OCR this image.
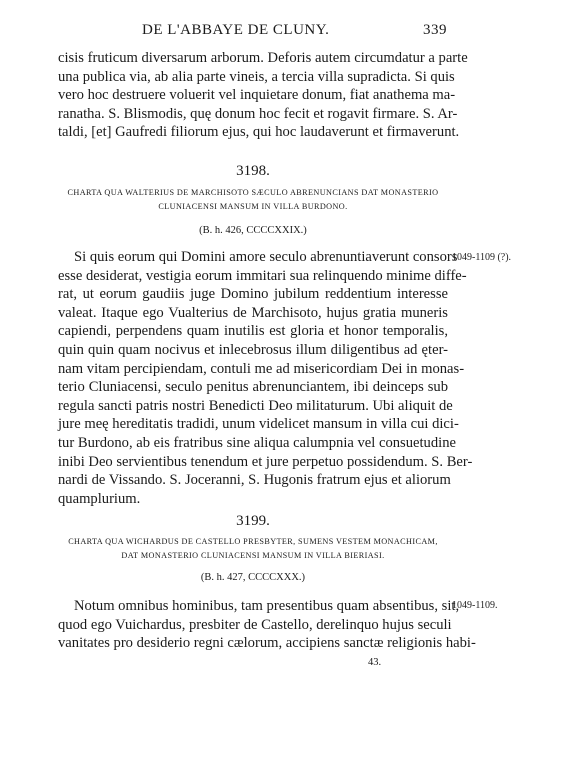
DE L'ABBAYE DE CLUNY.	339
cisis fruticum diversarum arborum. Deforis autem circumdatur a parte
una publica via, ab alia parte vineis, a tercia villa supradicta. Si quis
vero hoc destruere voluerit vel inquietare donum, fiat anathema ma-
ranatha. S. Blismodis, quę donum hoc fecit et rogavit firmare. S. Ar-
taldi, [et] Gaufredi filiorum ejus, qui hoc laudaverunt et firmaverunt.
3198.
CHARTA QUA WALTERIUS DE MARCHISOTO SÆCULO ABRENUNCIANS DAT MONASTERIO
CLUNIACENSI MANSUM IN VILLA BURDONO.
(B. h. 426, CCCCXXIX.)
1049-1109 (?).
Si quis eorum qui Domini amore seculo abrenuntiaverunt consors
esse desiderat, vestigia eorum immitari sua relinquendo minime diffe-
rat, ut eorum gaudiis juge Domino jubilum reddentium interesse
valeat. Itaque ego Vualterius de Marchisoto, hujus gratia muneris
capiendi, perpendens quam inutilis est gloria et honor temporalis,
quin quin quam nocivus et inlecebrosus illum diligentibus ad ęter-
nam vitam percipiendam, contuli me ad misericordiam Dei in monas-
terio Cluniacensi, seculo penitus abrenunciantem, ibi deinceps sub
regula sancti patris nostri Benedicti Deo militaturum. Ubi aliquit de
jure meę hereditatis tradidi, unum videlicet mansum in villa cui dici-
tur Burdono, ab eis fratribus sine aliqua calumpnia vel consuetudine
inibi Deo servientibus tenendum et jure perpetuo possidendum. S. Ber-
nardi de Vissando. S. Joceranni, S. Hugonis fratrum ejus et aliorum
quamplurium.
3199.
CHARTA QUA WICHARDUS DE CASTELLO PRESBYTER, SUMENS VESTEM MONACHICAM,
DAT MONASTERIO CLUNIACENSI MANSUM IN VILLA BIERIASI.
(B. h. 427, CCCCXXX.)
1049-1109.
Notum omnibus hominibus, tam presentibus quam absentibus, sit,
quod ego Vuichardus, presbiter de Castello, derelinquo hujus seculi
vanitates pro desiderio regni cælorum, accipiens sanctæ religionis habi-
43.
